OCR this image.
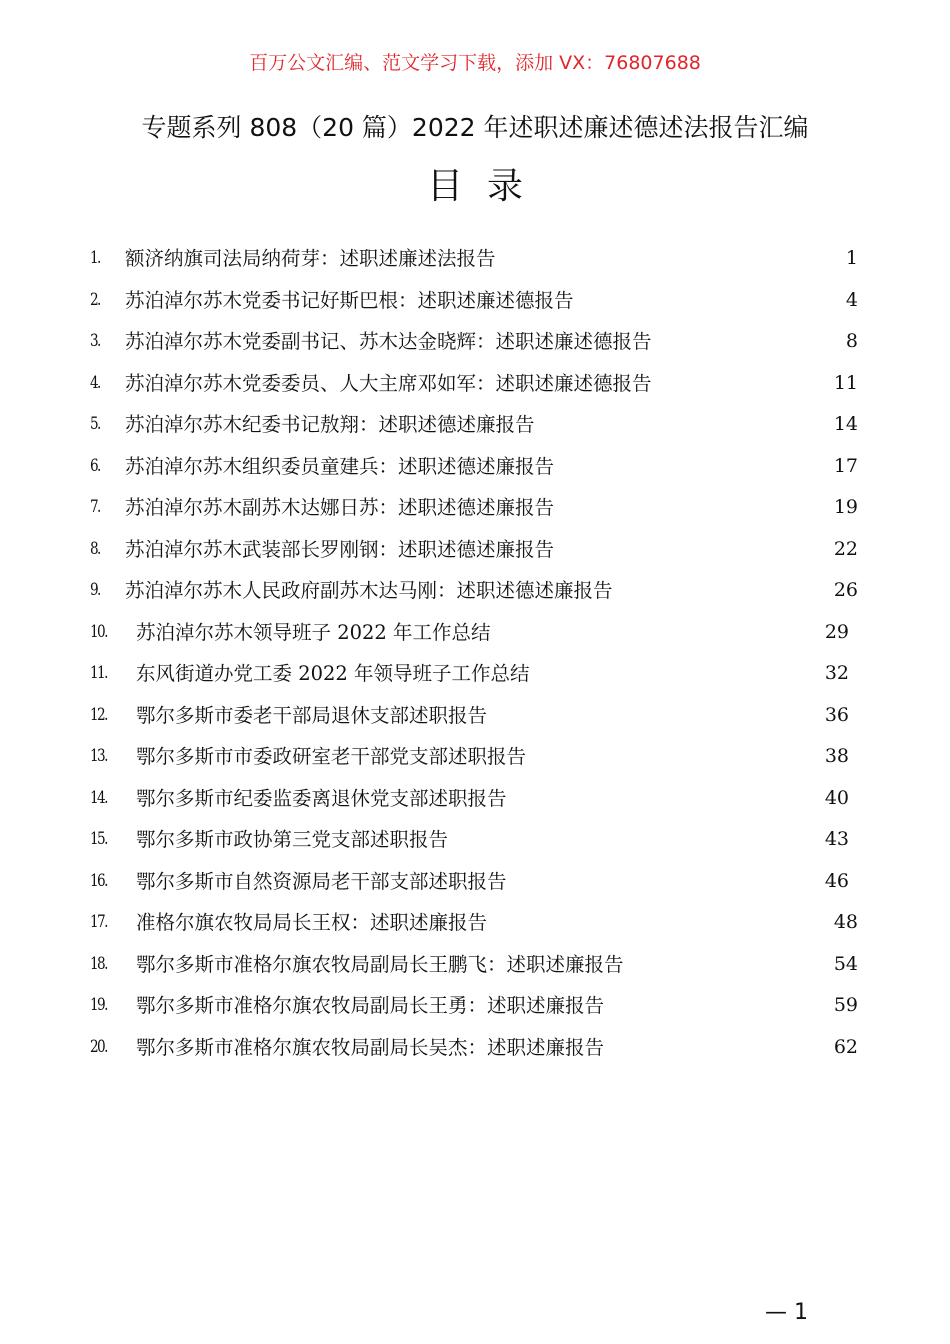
百万公文汇编、范文学习下载，添加 VX：76807688
专题系列 808（20 篇）2022 年述职述廉述德述法报告汇编
目录
1. 额济纳旗司法局纳荷芽：述职述廉述法报告	1
2. 苏泊淖尔苏木党委书记好斯巴根：述职述廉述德报告	4
3. 苏泊淖尔苏木党委副书记、苏木达金晓辉：述职述廉述德报告	8
4. 苏泊淖尔苏木党委委员、人大主席邓如军：述职述廉述德报告	11
5. 苏泊淖尔苏木纪委书记敖翔：述职述德述廉报告	14
6. 苏泊淖尔苏木组织委员童建兵：述职述德述廉报告	17
7. 苏泊淖尔苏木副苏木达娜日苏：述职述德述廉报告	19
8. 苏泊淖尔苏木武装部长罗刚钢：述职述德述廉报告	22
9. 苏泊淖尔苏木人民政府副苏木达马刚：述职述德述廉报告	26
10. 苏泊淖尔苏木领导班子 2022 年工作总结	29
11. 东风街道办党工委 2022 年领导班子工作总结	32
12. 鄂尔多斯市委老干部局退休支部述职报告	36
13. 鄂尔多斯市市委政研室老干部党支部述职报告	38
14. 鄂尔多斯市纪委监委离退休党支部述职报告	40
15. 鄂尔多斯市政协第三党支部述职报告	43
16. 鄂尔多斯市自然资源局老干部支部述职报告	46
17. 准格尔旗农牧局局长王权：述职述廉报告	48
18. 鄂尔多斯市准格尔旗农牧局副局长王鹏飞：述职述廉报告	54
19. 鄂尔多斯市准格尔旗农牧局副局长王勇：述职述廉报告	59
20. 鄂尔多斯市准格尔旗农牧局副局长吴杰：述职述廉报告	62
— 1
